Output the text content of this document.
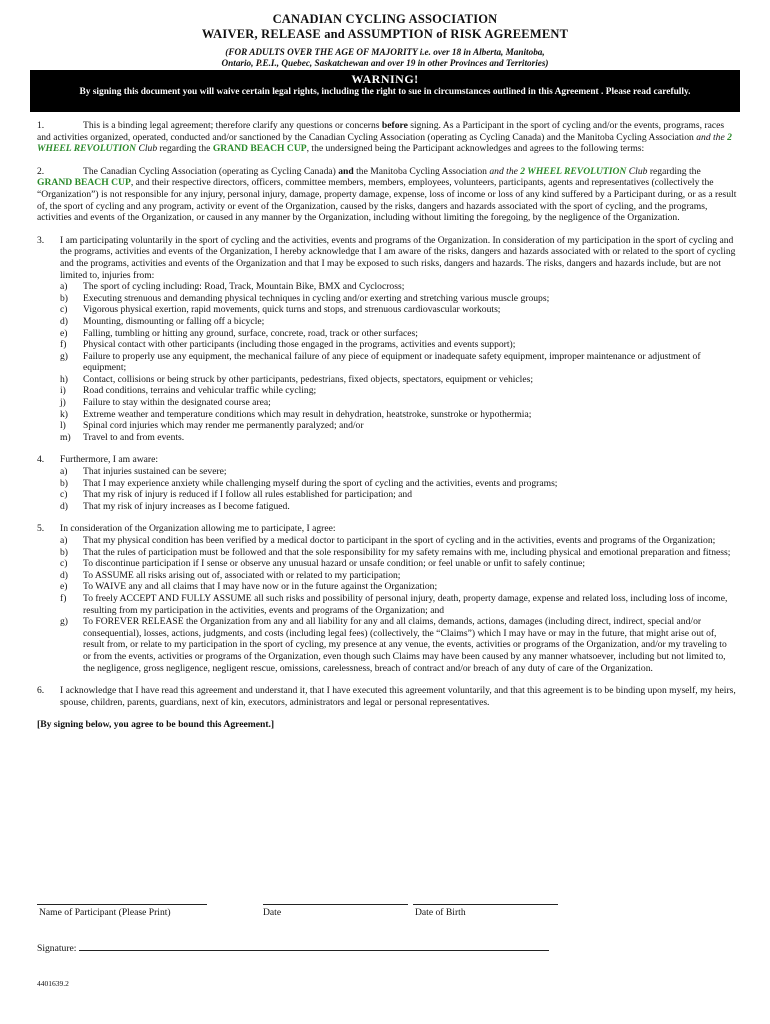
CANADIAN CYCLING ASSOCIATION
WAIVER, RELEASE and ASSUMPTION of RISK AGREEMENT
(FOR ADULTS OVER THE AGE OF MAJORITY i.e. over 18 in Alberta, Manitoba,
Ontario, P.E.I., Quebec, Saskatchewan and over 19 in other Provinces and Territories)
WARNING!
By signing this document you will waive certain legal rights, including the right to sue in circumstances outlined in this Agreement . Please read carefully.

1.	This is a binding legal agreement; therefore clarify any questions or concerns before signing. As a Participant in the sport of cycling and/or the events, programs, races and activities organized, operated, conducted and/or sanctioned by the Canadian Cycling Association (operating as Cycling Canada) and the Manitoba Cycling Association and the 2 WHEEL REVOLUTION Club regarding the GRAND BEACH CUP, the undersigned being the Participant acknowledges and agrees to the following terms:

2.	The Canadian Cycling Association (operating as Cycling Canada) and the Manitoba Cycling Association and the 2 WHEEL REVOLUTION Club regarding the GRAND BEACH CUP, and their respective directors, officers, committee members, members, employees, volunteers, participants, agents and representatives (collectively the “Organization”) is not responsible for any injury, personal injury, damage, property damage, expense, loss of income or loss of any kind suffered by a Participant during, or as a result of, the sport of cycling and any program, activity or event of the Organization, caused by the risks, dangers and hazards associated with the sport of cycling, and the programs, activities and events of the Organization, or caused in any manner by the Organization, including without limiting the foregoing, by the negligence of the Organization.

3. I am participating voluntarily in the sport of cycling and the activities, events and programs of the Organization. In consideration of my participation in the sport of cycling and the programs, activities and events of the Organization, I hereby acknowledge that I am aware of the risks, dangers and hazards associated with or related to the sport of cycling and the programs, activities and events of the Organization and that I may be exposed to such risks, dangers and hazards. The risks, dangers and hazards include, but are not limited to, injuries from:
a) The sport of cycling including: Road, Track, Mountain Bike, BMX and Cyclocross;
b) Executing strenuous and demanding physical techniques in cycling and/or exerting and stretching various muscle groups;
c) Vigorous physical exertion, rapid movements, quick turns and stops, and strenuous cardiovascular workouts;
d) Mounting, dismounting or falling off a bicycle;
e) Falling, tumbling or hitting any ground, surface, concrete, road, track or other surfaces;
f) Physical contact with other participants (including those engaged in the programs, activities and events support);
g) Failure to properly use any equipment, the mechanical failure of any piece of equipment or inadequate safety equipment, improper maintenance or adjustment of equipment;
h) Contact, collisions or being struck by other participants, pedestrians, fixed objects, spectators, equipment or vehicles;
i) Road conditions, terrains and vehicular traffic while cycling;
j) Failure to stay within the designated course area;
k) Extreme weather and temperature conditions which may result in dehydration, heatstroke, sunstroke or hypothermia;
l) Spinal cord injuries which may render me permanently paralyzed; and/or
m) Travel to and from events.
4. Furthermore, I am aware:
a) That injuries sustained can be severe;
b) That I may experience anxiety while challenging myself during the sport of cycling and the activities, events and programs;
c) That my risk of injury is reduced if I follow all rules established for participation; and
d) That my risk of injury increases as I become fatigued.
5. In consideration of the Organization allowing me to participate, I agree:
a) That my physical condition has been verified by a medical doctor to participant in the sport of cycling and in the activities, events and programs of the Organization;
b) That the rules of participation must be followed and that the sole responsibility for my safety remains with me, including physical and emotional preparation and fitness;
c) To discontinue participation if I sense or observe any unusual hazard or unsafe condition; or feel unable or unfit to safely continue;
d) To ASSUME all risks arising out of, associated with or related to my participation;
e) To WAIVE any and all claims that I may have now or in the future against the Organization;
f) To freely ACCEPT AND FULLY ASSUME all such risks and possibility of personal injury, death, property damage, expense and related loss, including loss of income, resulting from my participation in the activities, events and programs of the Organization; and
g) To FOREVER RELEASE the Organization from any and all liability for any and all claims, demands, actions, damages (including direct, indirect, special and/or consequential), losses, actions, judgments, and costs (including legal fees) (collectively, the “Claims”) which I may have or may in the future, that might arise out of, result from, or relate to my participation in the sport of cycling, my presence at any venue, the events, activities or programs of the Organization, and/or my traveling to or from the events, activities or programs of the Organization, even though such Claims may have been caused by any manner whatsoever, including but not limited to, the negligence, gross negligence, negligent rescue, omissions, carelessness, breach of contract and/or breach of any duty of care of the Organization.
6. I acknowledge that I have read this agreement and understand it, that I have executed this agreement voluntarily, and that this agreement is to be binding upon myself, my heirs, spouse, children, parents, guardians, next of kin, executors, administrators and legal or personal representatives.
[By signing below, you agree to be bound this Agreement.]
Name of Participant (Please Print)	Date	Date of Birth
Signature:
4401639.2
